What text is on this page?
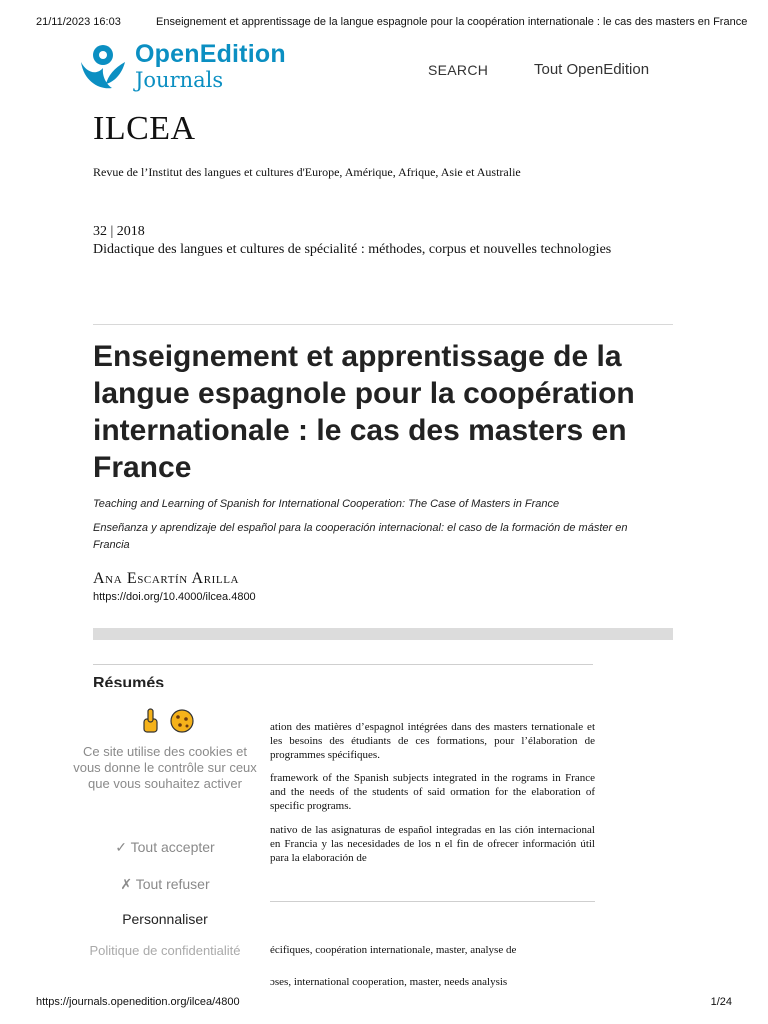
21/11/2023 16:03	Enseignement et apprentissage de la langue espagnole pour la coopération internationale : le cas des masters en France
OpenEdition
Journals	SEARCH	Tout OpenEdition
ILCEA
Revue de l’Institut des langues et cultures d'Europe, Amérique, Afrique, Asie et Australie
32 | 2018
Didactique des langues et cultures de spécialité : méthodes, corpus et nouvelles technologies
Enseignement et apprentissage de la langue espagnole pour la coopération internationale : le cas des masters en France
Teaching and Learning of Spanish for International Cooperation: The Case of Masters in France
Enseñanza y aprendizaje del español para la cooperación internacional: el caso de la formación de máster en Francia
Ana Escartín Arilla
https://doi.org/10.4000/ilcea.4800
Résumés
ation des matières d’espagnol intégrées dans des masters ternationale et les besoins des étudiants de ces formations, pour l’élaboration de programmes spécifiques.
framework of the Spanish subjects integrated in the rograms in France and the needs of the students of said ormation for the elaboration of specific programs.
nativo de las asignaturas de español integradas en las ción internacional en Francia y las necesidades de los n el fin de ofrecer información útil para la elaboración de
écifiques, coopération internationale, master, analyse de
ɔses, international cooperation, master, needs analysis
Ce site utilise des cookies et vous donne le contrôle sur ceux que vous souhaitez activer
✓ Tout accepter
✗ Tout refuser
Personnaliser
Politique de confidentialité
https://journals.openedition.org/ilcea/4800	1/24
